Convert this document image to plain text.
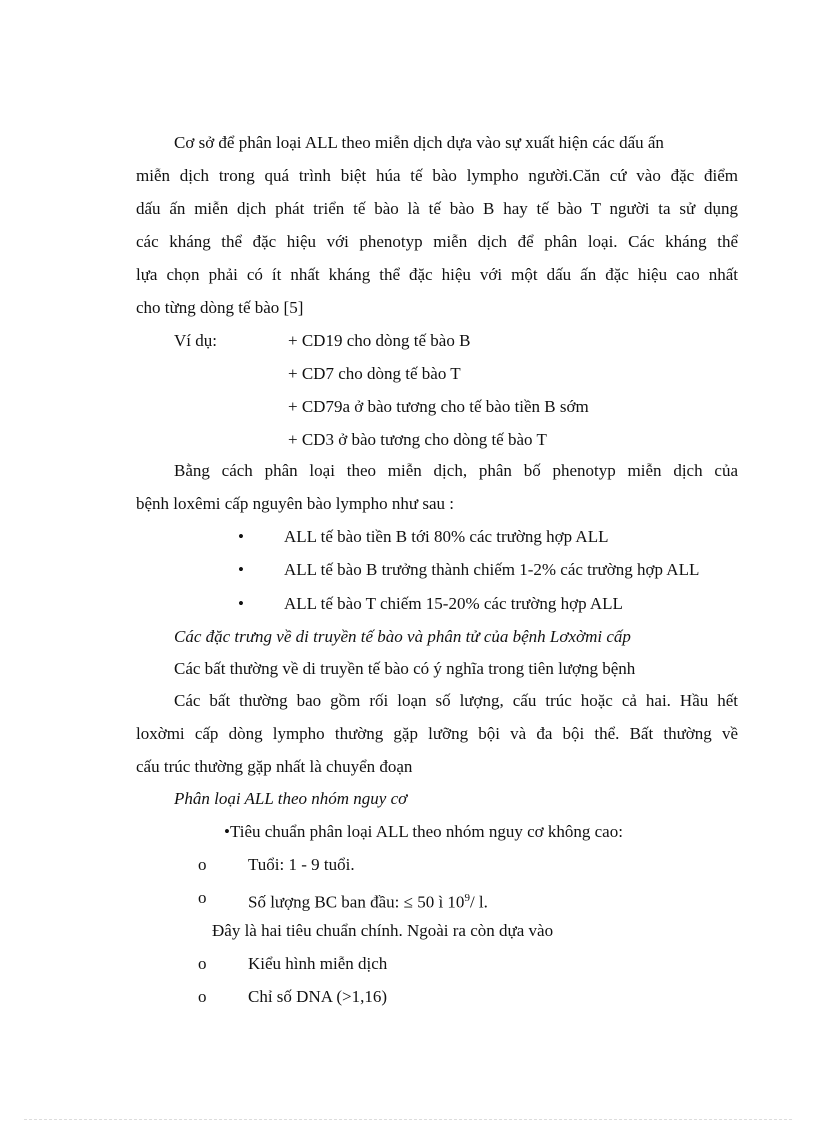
Cơ sở để phân loại ALL theo miễn dịch dựa vào sự xuất hiện các dấu ấn
miễn dịch trong quá trình biệt húa tế bào lympho người.Căn cứ vào đặc điểm
dấu ấn miễn dịch phát triển tế bào là tế bào B hay tế bào T người ta sử dụng
các kháng thể đặc hiệu với phenotyp miễn dịch để phân loại. Các kháng thể
lựa chọn phải có ít nhất kháng thể đặc hiệu với một dấu ấn đặc hiệu cao nhất
cho từng dòng tế bào [5]
Ví dụ:	+ CD19 cho dòng tế bào B
+ CD7 cho dòng tế bào T
+ CD79a ở bào tương cho tế bào tiền B sớm
+ CD3 ở bào tương cho dòng tế bào T
Bằng cách phân loại theo miễn dịch, phân bố phenotyp miễn dịch của
bệnh loxêmi cấp nguyên bào lympho như sau :
• ALL tế bào tiền B tới 80% các trường hợp ALL
• ALL tế bào B trưởng thành chiếm 1-2% các trường hợp ALL
• ALL tế bào T chiếm 15-20% các trường hợp ALL
Các đặc trưng về di truyền tế bào và phân tử của bệnh Lơxờmi cấp
Các bất thường về di truyền tế bào có ý nghĩa trong tiên lượng bệnh
Các bất thường bao gồm rối loạn số lượng, cấu trúc hoặc cả hai. Hầu hết
loxờmi cấp dòng lympho thường gặp lưỡng bội và đa bội thể. Bất thường về
cấu trúc thường gặp nhất là chuyển đoạn
Phân loại ALL theo nhóm nguy cơ
•Tiêu chuẩn phân loại ALL theo nhóm nguy cơ không cao:
o Tuổi: 1 - 9 tuổi.
o Số lượng BC ban đầu: ≤ 50 ì $10^9/$ l.
Đây là hai tiêu chuẩn chính. Ngoài ra còn dựa vào
o Kiểu hình miễn dịch
o Chỉ số DNA (>1,16)
